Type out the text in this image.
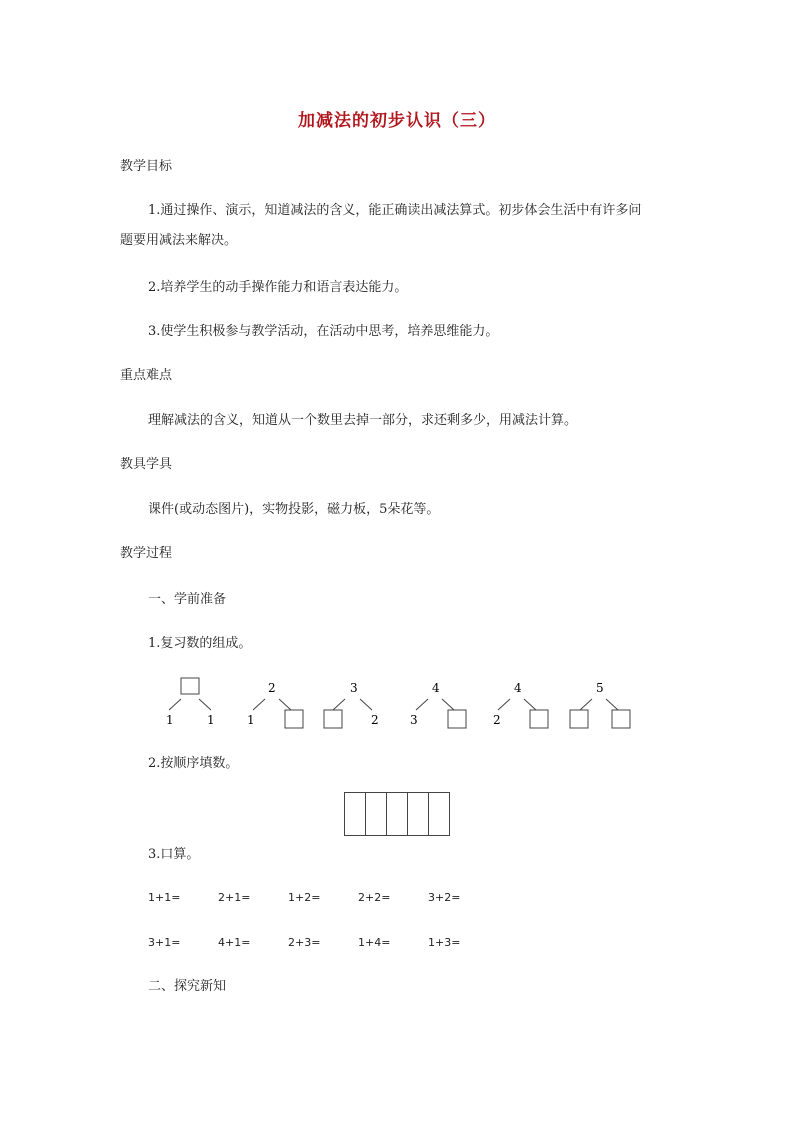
加减法的初步认识（三）
教学目标
1.通过操作、演示，知道减法的含义，能正确读出减法算式。初步体会生活中有许多问
题要用减法来解决。
2.培养学生的动手操作能力和语言表达能力。
3.使学生积极参与教学活动，在活动中思考，培养思维能力。
重点难点
理解减法的含义，知道从一个数里去掉一部分，求还剩多少，用减法计算。
教具学具
课件(或动态图片)，实物投影，磁力板，5朵花等。
教学过程
一、学前准备
1.复习数的组成。
1	1
2
1
3
2
4
3
4
2
5
2.按顺序填数。
3.口算。
1+1=	2+1=	1+2=	2+2=	3+2=
3+1=	4+1=	2+3=	1+4=	1+3=
二、探究新知
